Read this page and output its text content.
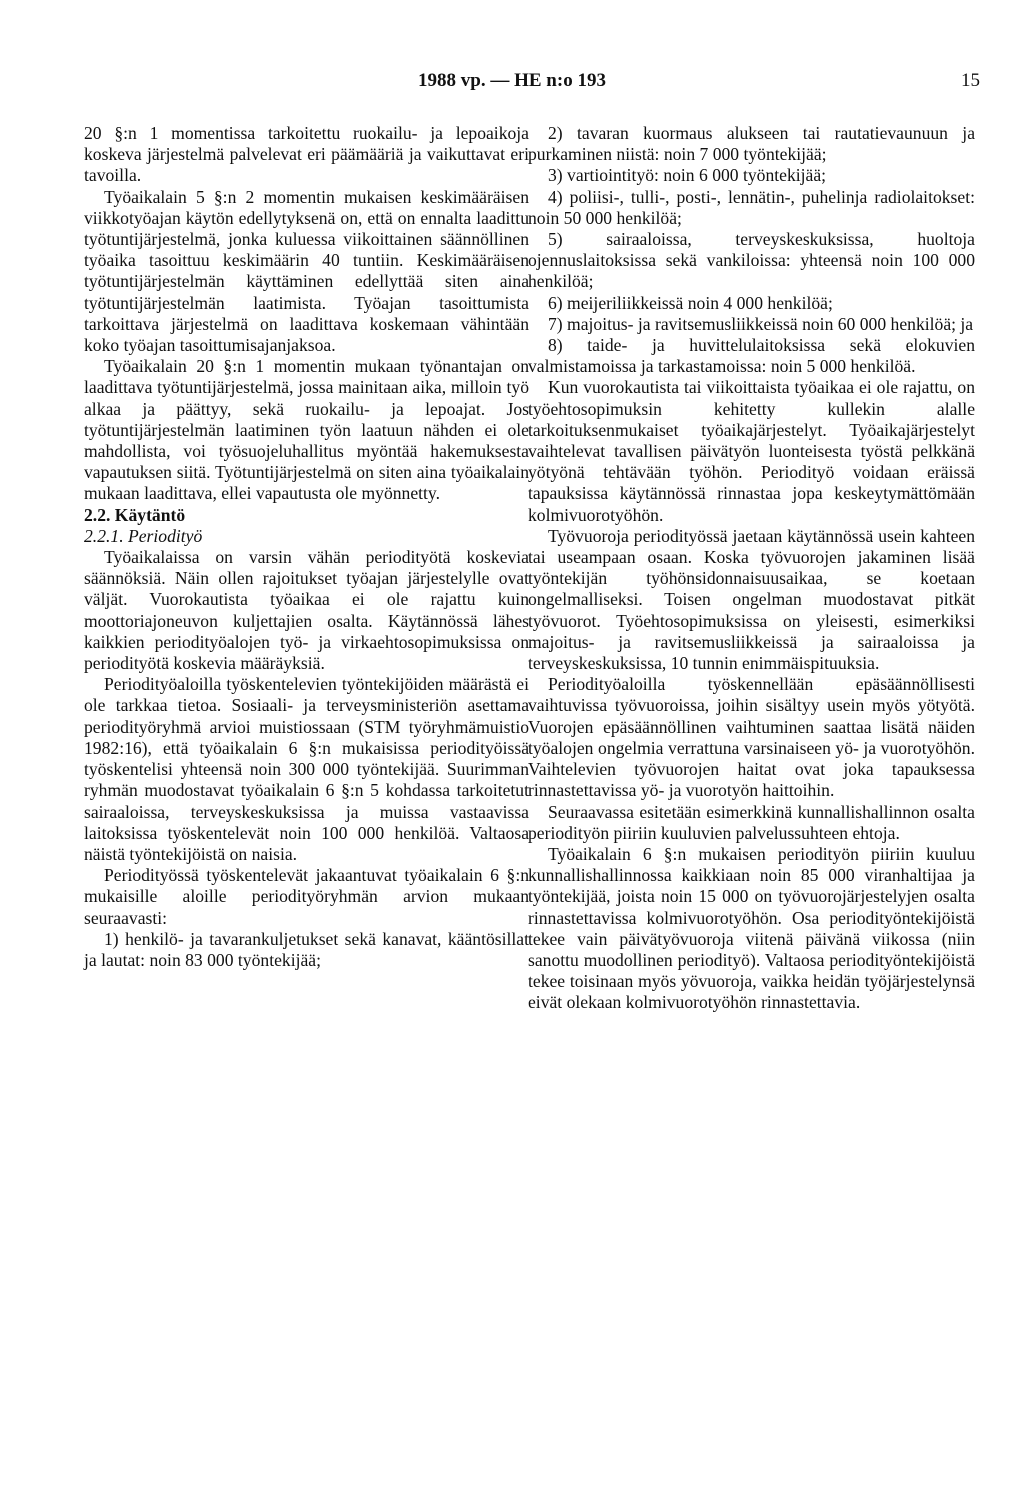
1988 vp. — HE n:o 193	15

20 §:n 1 momentissa tarkoitettu ruokailu- ja lepoaikoja koskeva järjestelmä palvelevat eri päämääriä ja vaikuttavat eri tavoilla.

Työaikalain 5 §:n 2 momentin mukaisen keskimääräisen viikkotyöajan käytön edellytyksenä on, että on ennalta laadittu työtuntijärjestelmä, jonka kuluessa viikoittainen säännöllinen työaika tasoittuu keskimäärin 40 tuntiin. Keskimääräisen työtuntijärjestelmän käyttäminen edellyttää siten aina työtuntijärjestelmän laatimista. Työajan tasoittumista tarkoittava järjestelmä on laadittava koskemaan vähintään koko työajan tasoittumisajanjaksoa.

Työaikalain 20 §:n 1 momentin mukaan työnantajan on laadittava työtuntijärjestelmä, jossa mainitaan aika, milloin työ alkaa ja päättyy, sekä ruokailu- ja lepoajat. Jos työtuntijärjestelmän laatiminen työn laatuun nähden ei ole mahdollista, voi työsuojeluhallitus myöntää hakemuksesta vapautuksen siitä. Työtuntijärjestelmä on siten aina työaikalain mukaan laadittava, ellei vapautusta ole myönnetty.

2.2. Käytäntö

2.2.1. Periodityö

Työaikalaissa on varsin vähän periodityötä koskevia säännöksiä. Näin ollen rajoitukset työajan järjestelylle ovat väljät. Vuorokautista työaikaa ei ole rajattu kuin moottoriajoneuvon kuljettajien osalta. Käytännössä lähes kaikkien periodityöalojen työ- ja virkaehtosopimuksissa on periodityötä koskevia määräyksiä.

Periodityöaloilla työskentelevien työntekijöiden määrästä ei ole tarkkaa tietoa. Sosiaali- ja terveysministeriön asettama periodityöryhmä arvioi muistiossaan (STM työryhmämuistio 1982:16), että työaikalain 6 §:n mukaisissa periodityöissä työskentelisi yhteensä noin 300 000 työntekijää. Suurimman ryhmän muodostavat työaikalain 6 §:n 5 kohdassa tarkoitetut sairaaloissa, terveyskeskuksissa ja muissa vastaavissa laitoksissa työskentelevät noin 100 000 henkilöä. Valtaosa näistä työntekijöistä on naisia.

Periodityössä työskentelevät jakaantuvat työaikalain 6 §:n mukaisille aloille periodityöryhmän arvion mukaan seuraavasti:

1) henkilö- ja tavarankuljetukset sekä kanavat, kääntösillat ja lautat: noin 83 000 työntekijää;

2) tavaran kuormaus alukseen tai rautatievaunuun ja purkaminen niistä: noin 7 000 työntekijää;

3) vartiointityö: noin 6 000 työntekijää;

4) poliisi-, tulli-, posti-, lennätin-, puhelinja radiolaitokset: noin 50 000 henkilöä;

5) sairaaloissa, terveyskeskuksissa, huoltoja ojennuslaitoksissa sekä vankiloissa: yhteensä noin 100 000 henkilöä;

6) meijeriliikkeissä noin 4 000 henkilöä;

7) majoitus- ja ravitsemusliikkeissä noin 60 000 henkilöä; ja

8) taide- ja huvittelulaitoksissa sekä elokuvien valmistamoissa ja tarkastamoissa: noin 5 000 henkilöä.

Kun vuorokautista tai viikoittaista työaikaa ei ole rajattu, on työehtosopimuksin kehitetty kullekin alalle tarkoituksenmukaiset työaikajärjestelyt. Työaikajärjestelyt vaihtelevat tavallisen päivätyön luonteisesta työstä pelkkänä yötyönä tehtävään työhön. Periodityö voidaan eräissä tapauksissa käytännössä rinnastaa jopa keskeytymättömään kolmivuorotyöhön.

Työvuoroja periodityössä jaetaan käytännössä usein kahteen tai useampaan osaan. Koska työvuorojen jakaminen lisää työntekijän työhönsidonnaisuusaikaa, se koetaan ongelmalliseksi. Toisen ongelman muodostavat pitkät työvuorot. Työehtosopimuksissa on yleisesti, esimerkiksi majoitus- ja ravitsemusliikkeissä ja sairaaloissa ja terveyskeskuksissa, 10 tunnin enimmäispituuksia.

Periodityöaloilla työskennellään epäsäännöllisesti vaihtuvissa työvuoroissa, joihin sisältyy usein myös yötyötä. Vuorojen epäsäännöllinen vaihtuminen saattaa lisätä näiden työalojen ongelmia verrattuna varsinaiseen yö- ja vuorotyöhön. Vaihtelevien työvuorojen haitat ovat joka tapauksessa rinnastettavissa yö- ja vuorotyön haittoihin.

Seuraavassa esitetään esimerkkinä kunnallishallinnon osalta periodityön piiriin kuuluvien palvelussuhteen ehtoja.

Työaikalain 6 §:n mukaisen periodityön piiriin kuuluu kunnallishallinnossa kaikkiaan noin 85 000 viranhaltijaa ja työntekijää, joista noin 15 000 on työvuorojärjestelyjen osalta rinnastettavissa kolmivuorotyöhön. Osa periodityöntekijöistä tekee vain päivätyövuoroja viitenä päivänä viikossa (niin sanottu muodollinen periodityö). Valtaosa periodityöntekijöistä tekee toisinaan myös yövuoroja, vaikka heidän työjärjestelynsä eivät olekaan kolmivuorotyöhön rinnastettavia.
